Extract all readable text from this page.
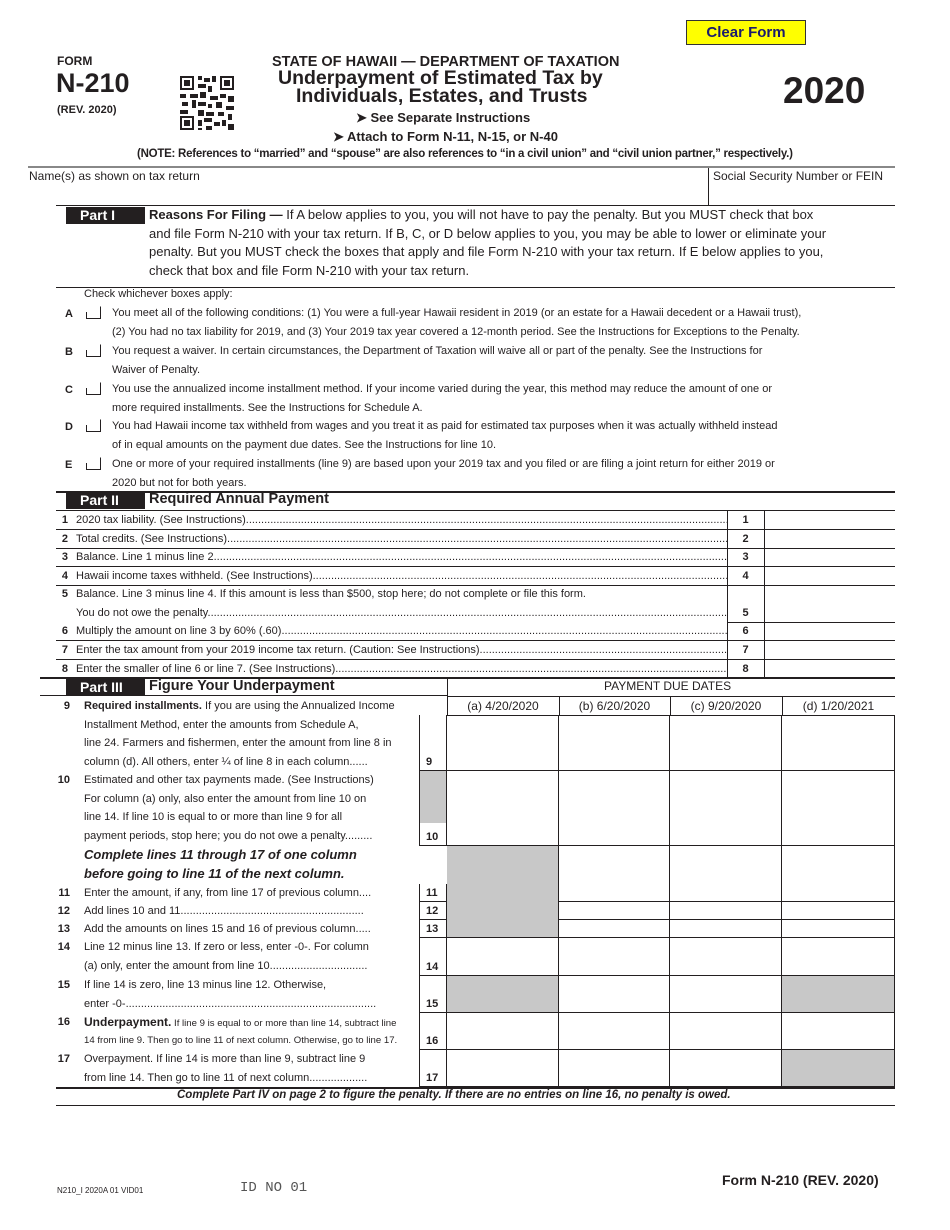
Clear Form
FORM
N-210
(REV. 2020)
STATE OF HAWAII — DEPARTMENT OF TAXATION
Underpayment of Estimated Tax by
Individuals, Estates, and Trusts
➤ See Separate Instructions
➤ Attach to Form N-11, N-15, or N-40
2020
(NOTE: References to “married” and “spouse” are also references to “in a civil union” and “civil union partner,” respectively.)
Name(s) as shown on tax return	Social Security Number or FEIN
Part I	Reasons For Filing — If A below applies to you, you will not have to pay the penalty. But you MUST check that box
and file Form N-210 with your tax return. If B, C, or D below applies to you, you may be able to lower or eliminate your
penalty. But you MUST check the boxes that apply and file Form N-210 with your tax return. If E below applies to you,
check that box and file Form N-210 with your tax return.
Check whichever boxes apply:
A	You meet all of the following conditions: (1) You were a full-year Hawaii resident in 2019 (or an estate for a Hawaii decedent or a Hawaii trust),
(2) You had no tax liability for 2019, and (3) Your 2019 tax year covered a 12-month period. See the Instructions for Exceptions to the Penalty.
B	You request a waiver. In certain circumstances, the Department of Taxation will waive all or part of the penalty. See the Instructions for
Waiver of Penalty.
C	You use the annualized income installment method. If your income varied during the year, this method may reduce the amount of one or
more required installments. See the Instructions for Schedule A.
D	You had Hawaii income tax withheld from wages and you treat it as paid for estimated tax purposes when it was actually withheld instead
of in equal amounts on the payment due dates. See the Instructions for line 10.
E	One or more of your required installments (line 9) are based upon your 2019 tax and you filed or are filing a joint return for either 2019 or
2020 but not for both years.
Part II	Required Annual Payment
1 2020 tax liability. (See Instructions) .....	1
2 Total credits. (See Instructions) .....	2
3 Balance. Line 1 minus line 2. .....	3
4 Hawaii income taxes withheld. (See Instructions) .....	4
5 Balance. Line 3 minus line 4. If this amount is less than $500, stop here; do not complete or file this form.
You do not owe the penalty. .....	5
6 Multiply the amount on line 3 by 60% (.60) .....	6
7 Enter the tax amount from your 2019 income tax return. (Caution: See Instructions) .....	7
8 Enter the smaller of line 6 or line 7. (See Instructions) .....	8
Part III	Figure Your Underpayment	PAYMENT DUE DATES
(a) 4/20/2020	(b) 6/20/2020	(c) 9/20/2020	(d) 1/20/2021
9	Required installments. If you are using the Annualized Income
Installment Method, enter the amounts from Schedule A,
line 24. Farmers and fishermen, enter the amount from line 8 in
column (d). All others, enter ¼ of line 8 in each column......	9
10	Estimated and other tax payments made. (See Instructions)
For column (a) only, also enter the amount from line 10 on
line 14. If line 10 is equal to or more than line 9 for all
payment periods, stop here; you do not owe a penalty.........	10
11	Enter the amount, if any, from line 17 of previous column....	11
12	Add lines 10 and 11............................................................	12
13	Add the amounts on lines 15 and 16 of previous column.....	13
14	Line 12 minus line 13. If zero or less, enter -0-. For column
(a) only, enter the amount from line 10................................	14
15	If line 14 is zero, line 13 minus line 12. Otherwise,
enter -0-..................................................................................	15
16	Underpayment. If line 9 is equal to or more than line 14, subtract line
14 from line 9. Then go to line 11 of next column. Otherwise, go to line 17.	16
17	Overpayment. If line 14 is more than line 9, subtract line 9
from line 14. Then go to line 11 of next column...................	17
Complete lines 11 through 17 of one column
before going to line 11 of the next column.
Complete Part IV on page 2 to figure the penalty. If there are no entries on line 16, no penalty is owed.
N210_I 2020A 01 VID01	ID NO 01	Form N-210 (REV. 2020)
